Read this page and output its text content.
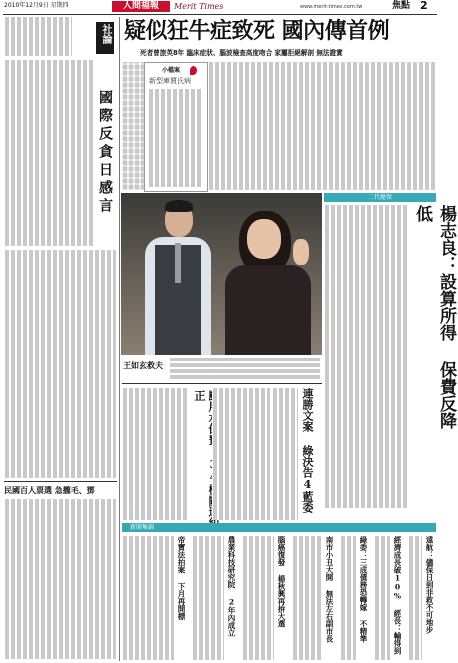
2010年12月9日 星期四	人間福報	Merit Times	www.merit-times.com.tw	焦點 2
社論
國際反貪日感言
民國百人票選 急攏毛、鄧
疑似狂牛症致死 國內傳首例
死者曾旅英8年 臨床症狀、腦波檢查高度吻合 家屬拒絕解剖 無法證實
小檔案
新型庫賈氏病
王如玄救夫
二代健保
楊志良：設算所得 保費反降低
正	連勝文案 綠決告4藍委
新聞集錦
遠航：儘保日到非救不可地步
經濟成長破10% 經長：輸得到
綠委：三成債務恐轉嫁 不精準
南市小丑大開 無法左右副市長
腦癌復發 楊秋興再拚大選
農業科技研究院 2年內成立
帝寶法拍案 下月再開標
